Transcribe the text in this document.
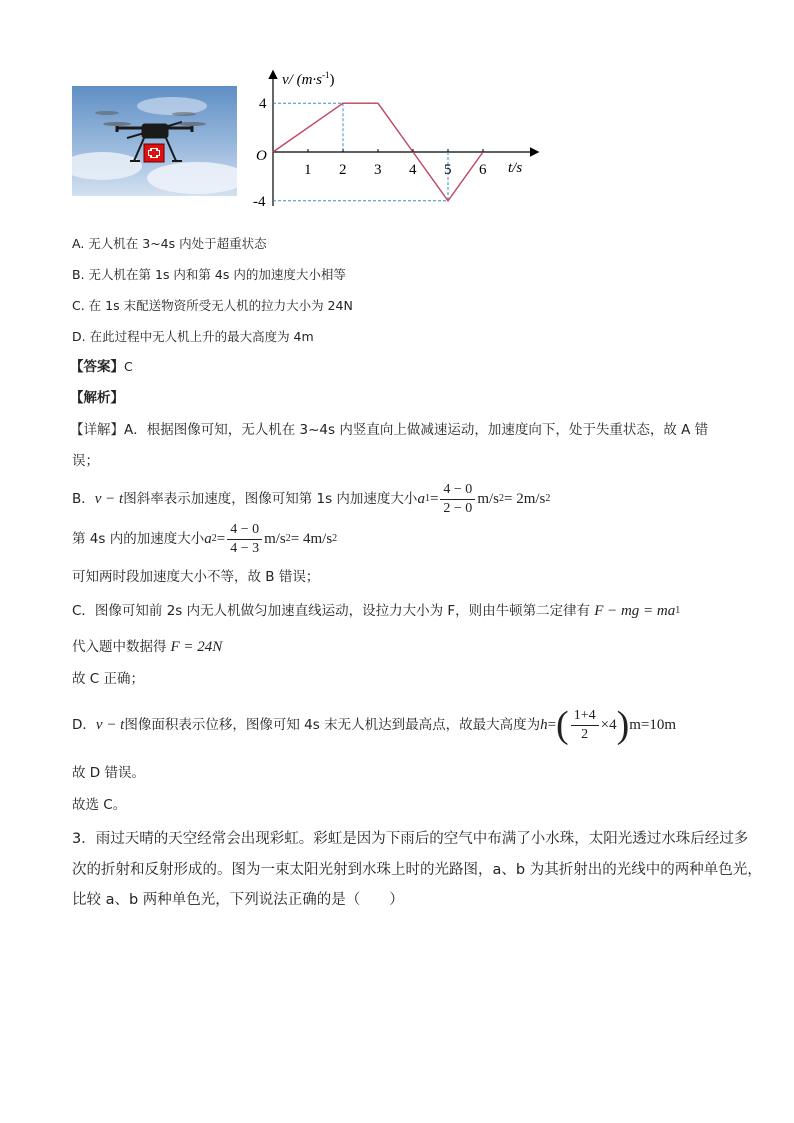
1 2 3 4 5 6
4
-4
O
v/ $(m\cdot s^{-1})$
t/s
A. 无人机在 3~4s 内处于超重状态
B. 无人机在第 1s 内和第 4s 内的加速度大小相等
C. 在 1s 末配送物资所受无人机的拉力大小为 24N
D. 在此过程中无人机上升的最大高度为 4m
【答案】C
【解析】
【详解】A．根据图像可知，无人机在 3~4s 内竖直向上做减速运动，加速度向下，处于失重状态，故 A 错
误；
B． v − t 图斜率表示加速度，图像可知第 1s 内加速度大小 a $1 = \frac{4 - 0}{2 - 0} m/s$ 2 = 2m/s 2
第 4s 内的加速度大小 a $2 = \frac{4 - 0}{4 - 3} m/s$ 2 = 4m/s 2
可知两时段加速度大小不等，故 B 错误；
C．图像可知前 2s 内无人机做匀加速直线运动，设拉力大小为 F，则由牛顿第二定律有 F − mg = ma 1
代入题中数据得 F = 24N
故 C 正确；
D． v − t 图像面积表示位移，图像可知 4s 末无人机达到最高点，故最大高度为 h = ( $\frac{1+4}{2} \times 4$ ) m=10m
故 D 错误。
故选 C。
3．雨过天晴的天空经常会出现彩虹。彩虹是因为下雨后的空气中布满了小水珠，太阳光透过水珠后经过多
次的折射和反射形成的。图为一束太阳光射到水珠上时的光路图，a、b 为其折射出的光线中的两种单色光，
比较 a、b 两种单色光，下列说法正确的是（　　）
